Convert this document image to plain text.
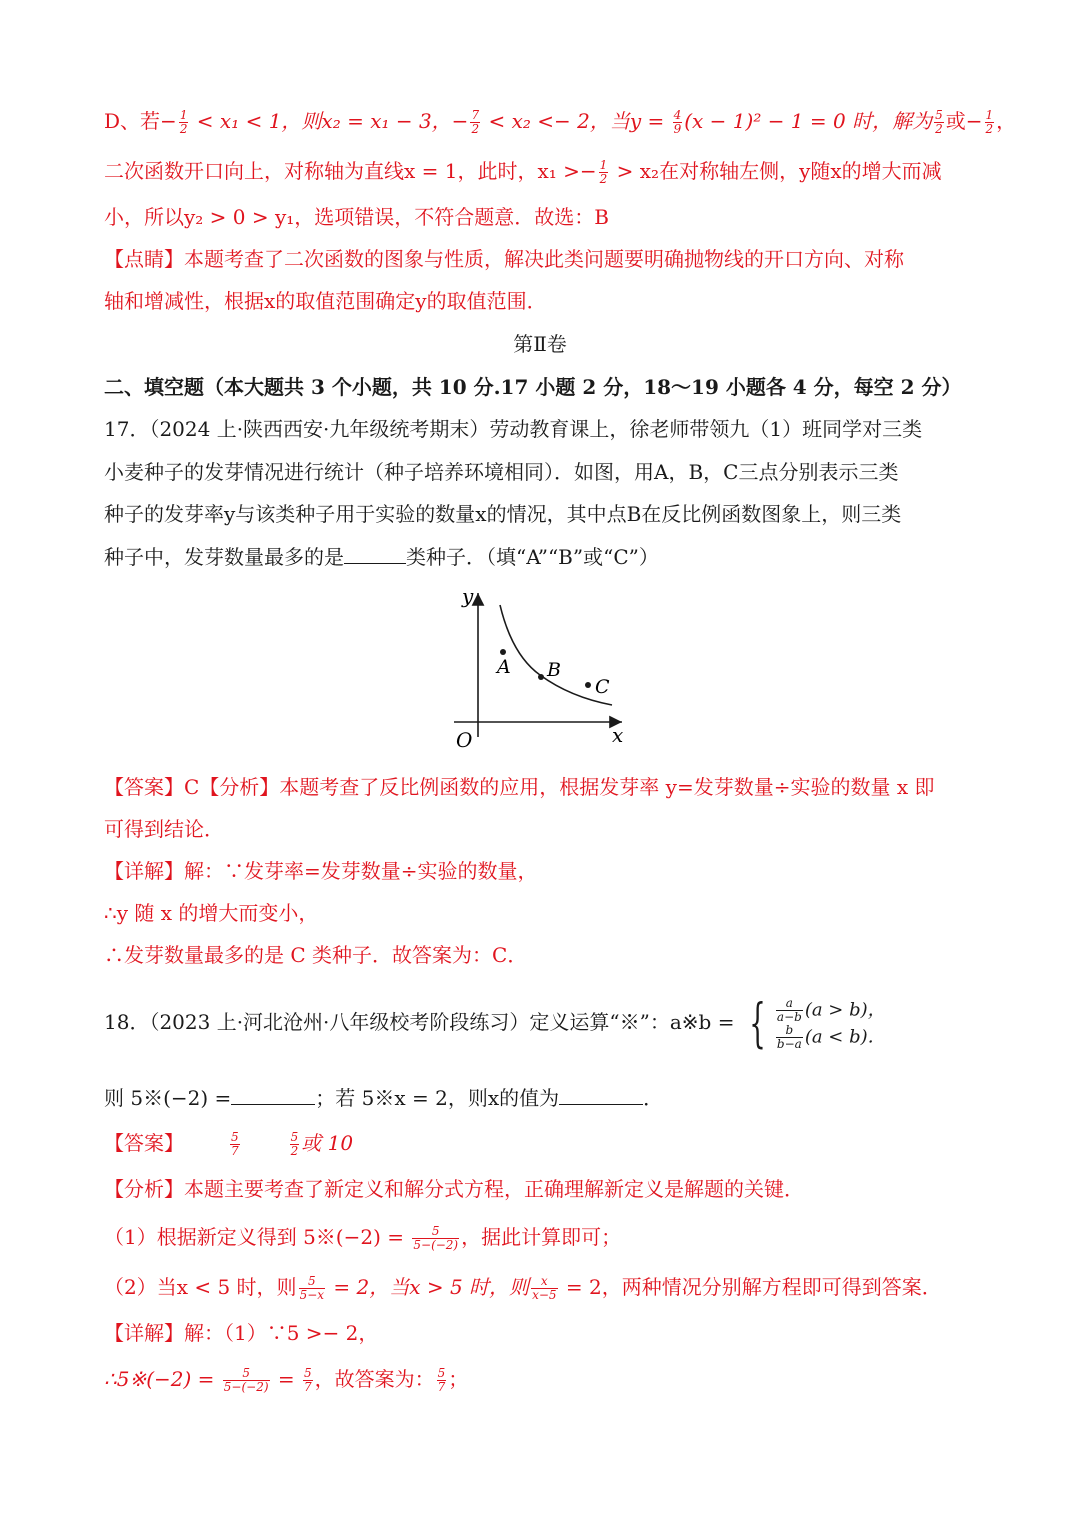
D、若− $\frac{1}{2} < x_1 < 1$，则x₂ = x₁ − 3，− $\frac{7}{2} < x_2 <- 2$，当$y = \frac{4}{9} (x - 1)^2 - 1 = 0$ 时，解为 $\frac{5}{2}$ 或− $\frac{1}{2}$ ，
二次函数开口向上，对称轴为直线x = 1，此时，$x_1 >- \frac{1}{2} > x_2$在对称轴左侧，y随x的增大而减
小，所以y₂ > 0 > y₁，选项错误，不符合题意．故选：B
【点睛】本题考查了二次函数的图象与性质，解决此类问题要明确抛物线的开口方向、对称
轴和增减性，根据x的取值范围确定y的取值范围．
第Ⅱ卷
二、填空题（本大题共 3 个小题，共 10 分.17 小题 2 分，18～19 小题各 4 分，每空 2 分）
17．（2024 上·陕西西安·九年级统考期末）劳动教育课上，徐老师带领九（1）班同学对三类
小麦种子的发芽情况进行统计（种子培养环境相同）．如图，用A，B，C三点分别表示三类
种子的发芽率y与该类种子用于实验的数量x的情况，其中点B在反比例函数图象上，则三类
种子中，发芽数量最多的是	类种子．（填“A”“B”或“C”）
y
x
O
A B
C
【答案】C【分析】本题考查了反比例函数的应用，根据发芽率 y=发芽数量÷实验的数量 x 即
可得到结论．
【详解】解：∵发芽率=发芽数量÷实验的数量，
∴y 随 x 的增大而变小，
∴发芽数量最多的是 C 类种子．故答案为：C．
18．（2023 上·河北沧州·八年级校考阶段练习）定义运算“※”：a※b = { $\frac{a}{a-b} (a > b)$，
$\frac{b}{b-a} (a < b)$．
则 5※(−2) =	；若 5※x = 2，则x的值为	．
【答案】	$\frac{5}{7}$	$\frac{5}{2}$ 或 10
【分析】本题主要考查了新定义和解分式方程，正确理解新定义是解题的关键．
（1）根据新定义得到 5※(−2) = $\frac{5}{5-(-2)}$ ，据此计算即可；
（2）当x < 5 时，则 $\frac{5}{5-x} = 2$，当x > 5 时，则 $\frac{x}{x-5} = 2$，两种情况分别解方程即可得到答案．
【详解】解：（1）∵5 >− 2，
∴5※(−2) = $\frac{5}{5-(-2)} = \frac{5}{7}$ ，故答案为： $\frac{5}{7}$ ；
